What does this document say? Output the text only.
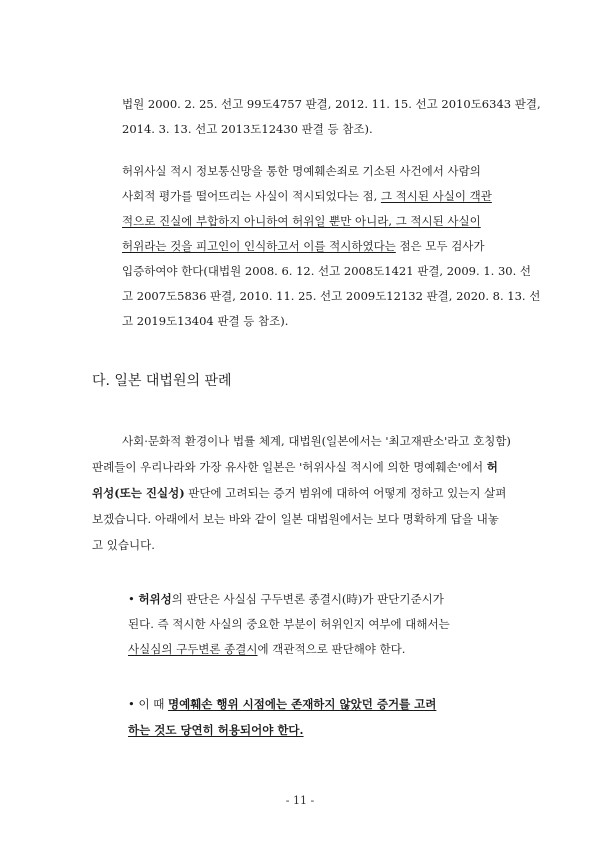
법원 2000. 2. 25. 선고 99도4757 판결, 2012. 11. 15. 선고 2010도6343 판결,
2014. 3. 13. 선고 2013도12430 판결 등 참조).
허위사실 적시 정보통신망을 통한 명예훼손죄로 기소된 사건에서 사람의
사회적 평가를 떨어뜨리는 사실이 적시되었다는 점, 그 적시된 사실이 객관
적으로 진실에 부합하지 아니하여 허위일 뿐만 아니라, 그 적시된 사실이
허위라는 것을 피고인이 인식하고서 이를 적시하였다는 점은 모두 검사가
입증하여야 한다(대법원 2008. 6. 12. 선고 2008도1421 판결, 2009. 1. 30. 선
고 2007도5836 판결, 2010. 11. 25. 선고 2009도12132 판결, 2020. 8. 13. 선
고 2019도13404 판결 등 참조).
다. 일본 대법원의 판례
사회·문화적 환경이나 법률 체계, 대법원(일본에서는 '최고재판소'라고 호칭함)
판례들이 우리나라와 가장 유사한 일본은 '허위사실 적시에 의한 명예훼손'에서 허
위성(또는 진실성) 판단에 고려되는 증거 범위에 대하여 어떻게 정하고 있는지 살펴
보겠습니다. 아래에서 보는 바와 같이 일본 대법원에서는 보다 명확하게 답을 내놓
고 있습니다.
• 허위성의 판단은 사실심 구두변론 종결시(時)가 판단기준시가
된다. 즉 적시한 사실의 중요한 부분이 허위인지 여부에 대해서는
사실심의 구두변론 종결시에 객관적으로 판단해야 한다.
• 이 때 명예훼손 행위 시점에는 존재하지 않았던 증거를 고려
하는 것도 당연히 허용되어야 한다.
- 11 -
